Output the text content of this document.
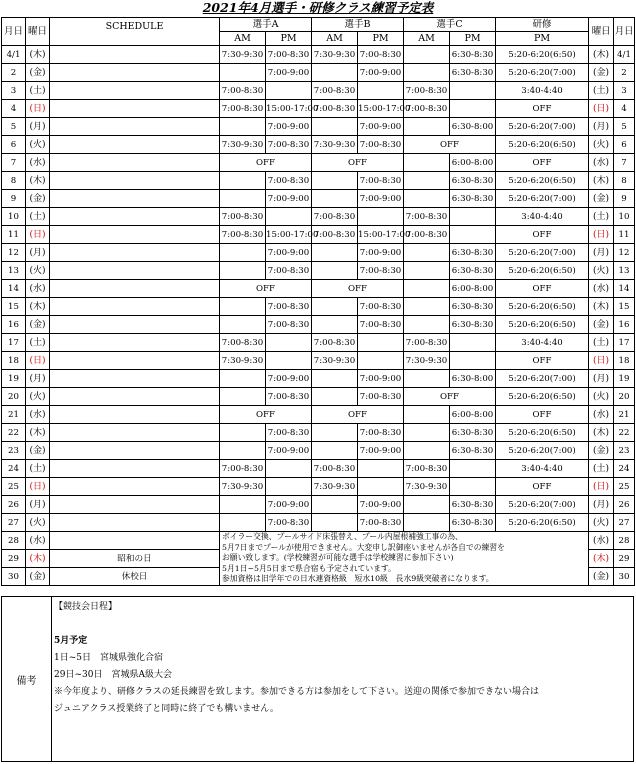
2021年4月選手・研修クラス練習予定表
月日	曜日	SCHEDULE	選手A		選手B		選手C		研修	曜日	月日
			AM	PM	AM	PM	AM	PM	PM		
4/1	(木)		7:30-9:30	7:00-8:30	7:30-9:30	7:00-8:30		6:30-8:30	5:20-6:20(6:50)	(木)	4/1
2	(金)			7:00-9:00		7:00-9:00		6:30-8:30	5:20-6:20(7:00)	(金)	2
3	(土)		7:00-8:30		7:00-8:30		7:00-8:30		3:40-4:40	(土)	3
4	(日)		7:00-8:30	15:00-17:00	7:00-8:30	15:00-17:00	7:00-8:30		OFF	(日)	4
5	(月)			7:00-9:00		7:00-9:00		6:30-8:00	5:20-6:20(7:00)	(月)	5
6	(火)		7:30-9:30	7:00-8:30	7:30-9:30	7:00-8:30	OFF		5:20-6:20(6:50)	(火)	6
7	(水)		OFF		OFF			6:00-8:00	OFF	(水)	7
8	(木)			7:00-8:30		7:00-8:30		6:30-8:30	5:20-6:20(6:50)	(木)	8
9	(金)			7:00-9:00		7:00-9:00		6:30-8:30	5:20-6:20(7:00)	(金)	9
10	(土)		7:00-8:30		7:00-8:30		7:00-8:30		3:40-4:40	(土)	10
11	(日)		7:00-8:30	15:00-17:00	7:00-8:30	15:00-17:00	7:00-8:30		OFF	(日)	11
12	(月)			7:00-9:00		7:00-9:00		6:30-8:30	5:20-6:20(7:00)	(月)	12
13	(火)			7:00-8:30		7:00-8:30		6:30-8:30	5:20-6:20(6:50)	(火)	13
14	(水)		OFF		OFF			6:00-8:00	OFF	(水)	14
15	(木)			7:00-8:30		7:00-8:30		6:30-8:30	5:20-6:20(6:50)	(木)	15
16	(金)			7:00-8:30		7:00-8:30		6:30-8:30	5:20-6:20(6:50)	(金)	16
17	(土)		7:00-8:30		7:00-8:30		7:00-8:30		3:40-4:40	(土)	17
18	(日)		7:30-9:30		7:30-9:30		7:30-9:30		OFF	(日)	18
19	(月)			7:00-9:00		7:00-9:00		6:30-8:00	5:20-6:20(7:00)	(月)	19
20	(火)			7:00-8:30		7:00-8:30	OFF		5:20-6:20(6:50)	(火)	20
21	(水)		OFF		OFF			6:00-8:00	OFF	(水)	21
22	(木)			7:00-8:30		7:00-8:30		6:30-8:30	5:20-6:20(6:50)	(木)	22
23	(金)			7:00-9:00		7:00-9:00		6:30-8:30	5:20-6:20(7:00)	(金)	23
24	(土)		7:00-8:30		7:00-8:30		7:00-8:30		3:40-4:40	(土)	24
25	(日)		7:30-9:30		7:30-9:30		7:30-9:30		OFF	(日)	25
26	(月)			7:00-9:00		7:00-9:00		6:30-8:30	5:20-6:20(7:00)	(月)	26
27	(火)			7:00-8:30		7:00-8:30		6:30-8:30	5:20-6:20(6:50)	(火)	27
28	(水)		ボイラー交換、プールサイド床張替え、プール内屋根補強工事の為、
5月7日までプールが使用できません。大変申し訳御座いませんが各自での練習を
お願い致します。(学校練習が可能な選手は学校練習に参加下さい)
5月1日~5月5日まで県合宿も予定されています。
参加資格は旧学年での日水連資格級　短水10級　長水9級突破者になります。							(水)	28
29	(木)	昭和の日								(木)	29
30	(金)	休校日								(金)	30
備考
【競技会日程】
5月予定
1日~5日　宮城県強化合宿
29日~30日　宮城県A級大会
※今年度より、研修クラスの延長練習を致します。参加できる方は参加をして下さい。送迎の関係で参加できない場合は
ジュニアクラス授業終了と同時に終了でも構いません。
